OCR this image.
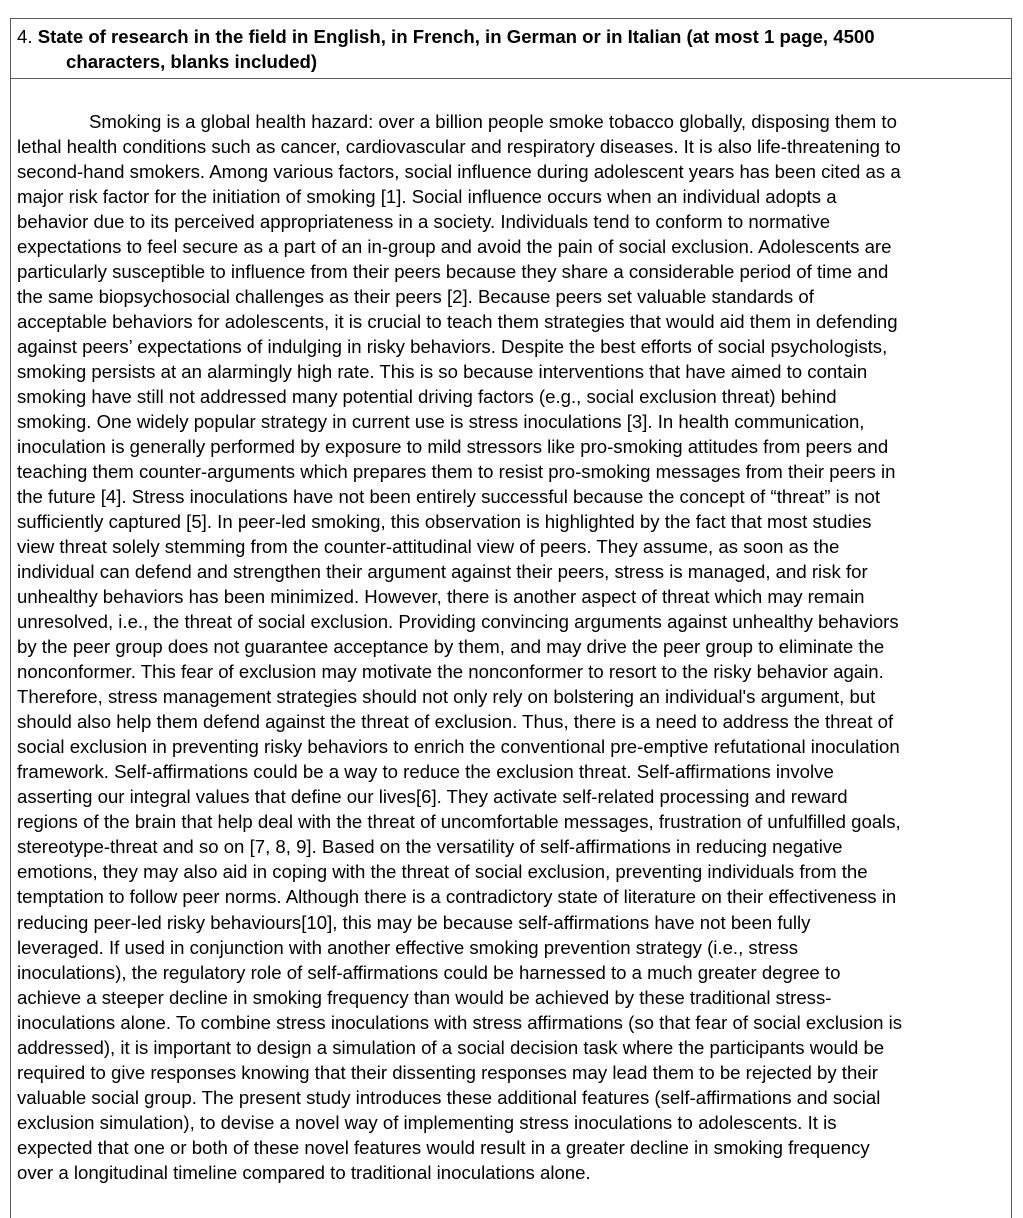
4. State of research in the field in English, in French, in German or in Italian (at most 1 page, 4500
characters, blanks included)
Smoking is a global health hazard: over a billion people smoke tobacco globally, disposing them to
lethal health conditions such as cancer, cardiovascular and respiratory diseases. It is also life-threatening to
second-hand smokers. Among various factors, social influence during adolescent years has been cited as a
major risk factor for the initiation of smoking [1]. Social influence occurs when an individual adopts a
behavior due to its perceived appropriateness in a society. Individuals tend to conform to normative
expectations to feel secure as a part of an in-group and avoid the pain of social exclusion. Adolescents are
particularly susceptible to influence from their peers because they share a considerable period of time and
the same biopsychosocial challenges as their peers [2]. Because peers set valuable standards of
acceptable behaviors for adolescents, it is crucial to teach them strategies that would aid them in defending
against peers’ expectations of indulging in risky behaviors. Despite the best efforts of social psychologists,
smoking persists at an alarmingly high rate. This is so because interventions that have aimed to contain
smoking have still not addressed many potential driving factors (e.g., social exclusion threat) behind
smoking. One widely popular strategy in current use is stress inoculations [3]. In health communication,
inoculation is generally performed by exposure to mild stressors like pro-smoking attitudes from peers and
teaching them counter-arguments which prepares them to resist pro-smoking messages from their peers in
the future [4]. Stress inoculations have not been entirely successful because the concept of “threat” is not
sufficiently captured [5]. In peer-led smoking, this observation is highlighted by the fact that most studies
view threat solely stemming from the counter-attitudinal view of peers. They assume, as soon as the
individual can defend and strengthen their argument against their peers, stress is managed, and risk for
unhealthy behaviors has been minimized. However, there is another aspect of threat which may remain
unresolved, i.e., the threat of social exclusion. Providing convincing arguments against unhealthy behaviors
by the peer group does not guarantee acceptance by them, and may drive the peer group to eliminate the
nonconformer. This fear of exclusion may motivate the nonconformer to resort to the risky behavior again.
Therefore, stress management strategies should not only rely on bolstering an individual's argument, but
should also help them defend against the threat of exclusion. Thus, there is a need to address the threat of
social exclusion in preventing risky behaviors to enrich the conventional pre-emptive refutational inoculation
framework. Self-affirmations could be a way to reduce the exclusion threat. Self-affirmations involve
asserting our integral values that define our lives[6]. They activate self-related processing and reward
regions of the brain that help deal with the threat of uncomfortable messages, frustration of unfulfilled goals,
stereotype-threat and so on [7, 8, 9]. Based on the versatility of self-affirmations in reducing negative
emotions, they may also aid in coping with the threat of social exclusion, preventing individuals from the
temptation to follow peer norms. Although there is a contradictory state of literature on their effectiveness in
reducing peer-led risky behaviours[10], this may be because self-affirmations have not been fully
leveraged. If used in conjunction with another effective smoking prevention strategy (i.e., stress
inoculations), the regulatory role of self-affirmations could be harnessed to a much greater degree to
achieve a steeper decline in smoking frequency than would be achieved by these traditional stress-
inoculations alone. To combine stress inoculations with stress affirmations (so that fear of social exclusion is
addressed), it is important to design a simulation of a social decision task where the participants would be
required to give responses knowing that their dissenting responses may lead them to be rejected by their
valuable social group. The present study introduces these additional features (self-affirmations and social
exclusion simulation), to devise a novel way of implementing stress inoculations to adolescents. It is
expected that one or both of these novel features would result in a greater decline in smoking frequency
over a longitudinal timeline compared to traditional inoculations alone.
